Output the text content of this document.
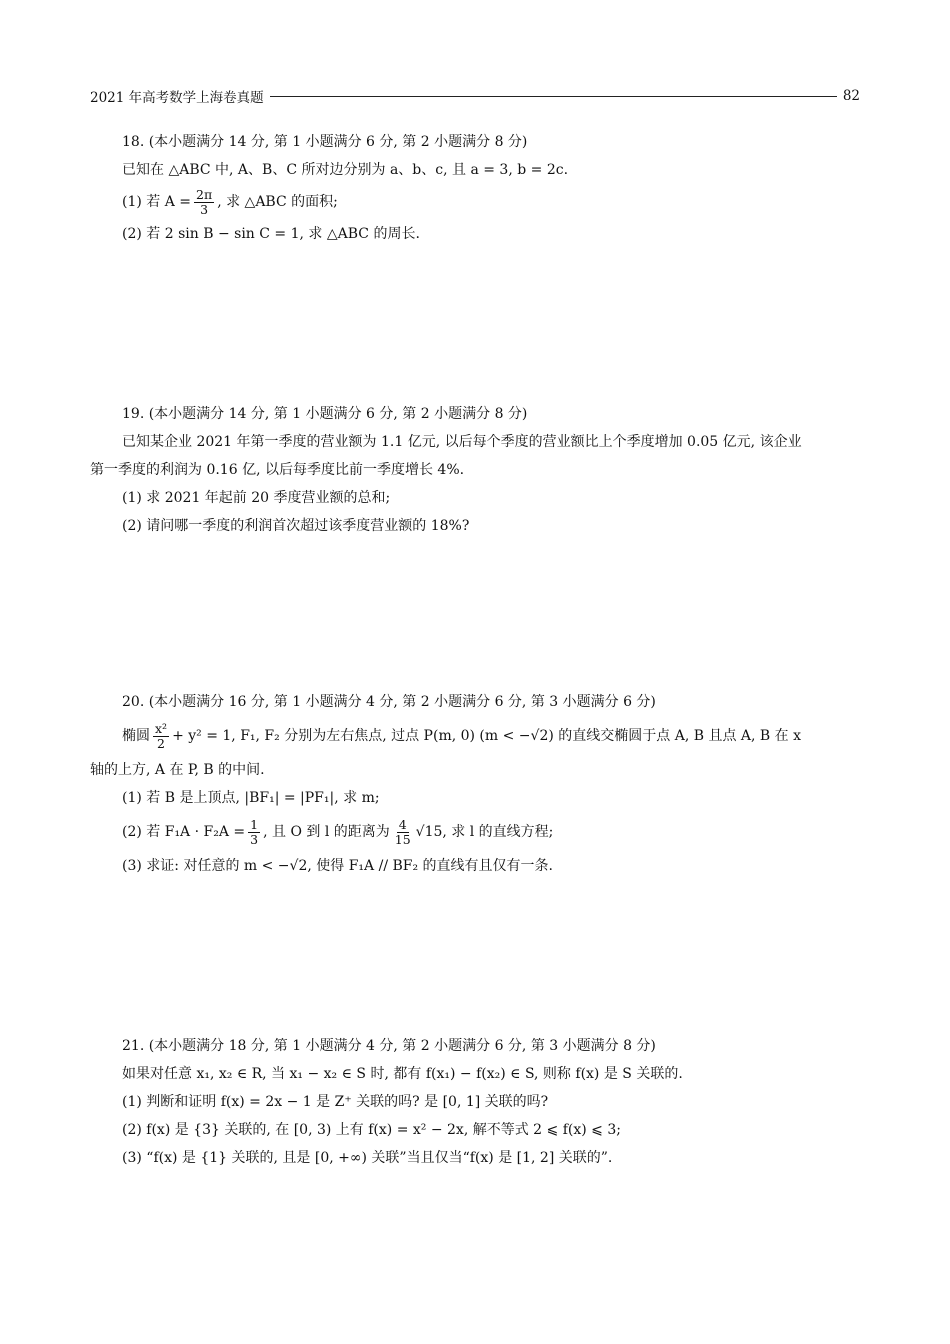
2021 年高考数学上海卷真题	82
18. (本小题满分 14 分, 第 1 小题满分 6 分, 第 2 小题满分 8 分)
已知在 △ABC 中, A、B、C 所对边分别为 a、b、c, 且 a = 3, b = 2c.
(1) 若 $A = \frac{2\pi}{3}$ , 求 △ABC 的面积;
(2) 若 2 sin B − sin C = 1, 求 △ABC 的周长.
19. (本小题满分 14 分, 第 1 小题满分 6 分, 第 2 小题满分 8 分)
已知某企业 2021 年第一季度的营业额为 1.1 亿元, 以后每个季度的营业额比上个季度增加 0.05 亿元, 该企业
第一季度的利润为 0.16 亿, 以后每季度比前一季度增长 4%.
(1) 求 2021 年起前 20 季度营业额的总和;
(2) 请问哪一季度的利润首次超过该季度营业额的 18%?
20. (本小题满分 16 分, 第 1 小题满分 4 分, 第 2 小题满分 6 分, 第 3 小题满分 6 分)
椭圆 $\frac{\text{x²}}{2} + y^2 = 1$, F₁, F₂ 分别为左右焦点, 过点 P(m, 0) (m < −√2) 的直线交椭圆于点 A, B 且点 A, B 在 x
轴的上方, A 在 P, B 的中间.
(1) 若 B 是上顶点, |BF₁| = |PF₁|, 求 m;
(2) 若 $F_1A \cdot F_2A = \frac{1}{3}$ , 且 O 到 l 的距离为 $\frac{4}{15} √15$, 求 l 的直线方程;
(3) 求证: 对任意的 m < −√2, 使得 F₁A // BF₂ 的直线有且仅有一条.
21. (本小题满分 18 分, 第 1 小题满分 4 分, 第 2 小题满分 6 分, 第 3 小题满分 8 分)
如果对任意 x₁, x₂ ∈ R, 当 x₁ − x₂ ∈ S 时, 都有 f(x₁) − f(x₂) ∈ S, 则称 f(x) 是 S 关联的.
(1) 判断和证明 f(x) = 2x − 1 是 Z⁺ 关联的吗? 是 [0, 1] 关联的吗?
(2) f(x) 是 {3} 关联的, 在 [0, 3) 上有 f(x) = x² − 2x, 解不等式 2 ⩽ f(x) ⩽ 3;
(3) “f(x) 是 {1} 关联的, 且是 [0, +∞) 关联”当且仅当“f(x) 是 [1, 2] 关联的”.
